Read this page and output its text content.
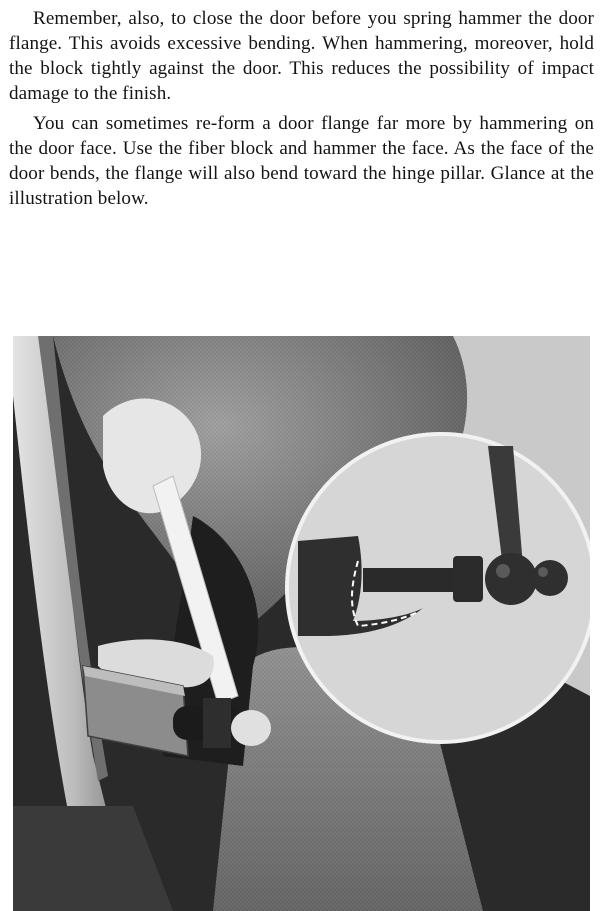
Remember, also, to close the door before you spring hammer the door flange. This avoids excessive bending. When hammering, moreover, hold the block tightly against the door. This reduces the possibility of impact damage to the finish.

You can sometimes re-form a door flange far more by hammering on the door face. Use the fiber block and hammer the face. As the face of the door bends, the flange will also bend toward the hinge pillar. Glance at the illustration below.
